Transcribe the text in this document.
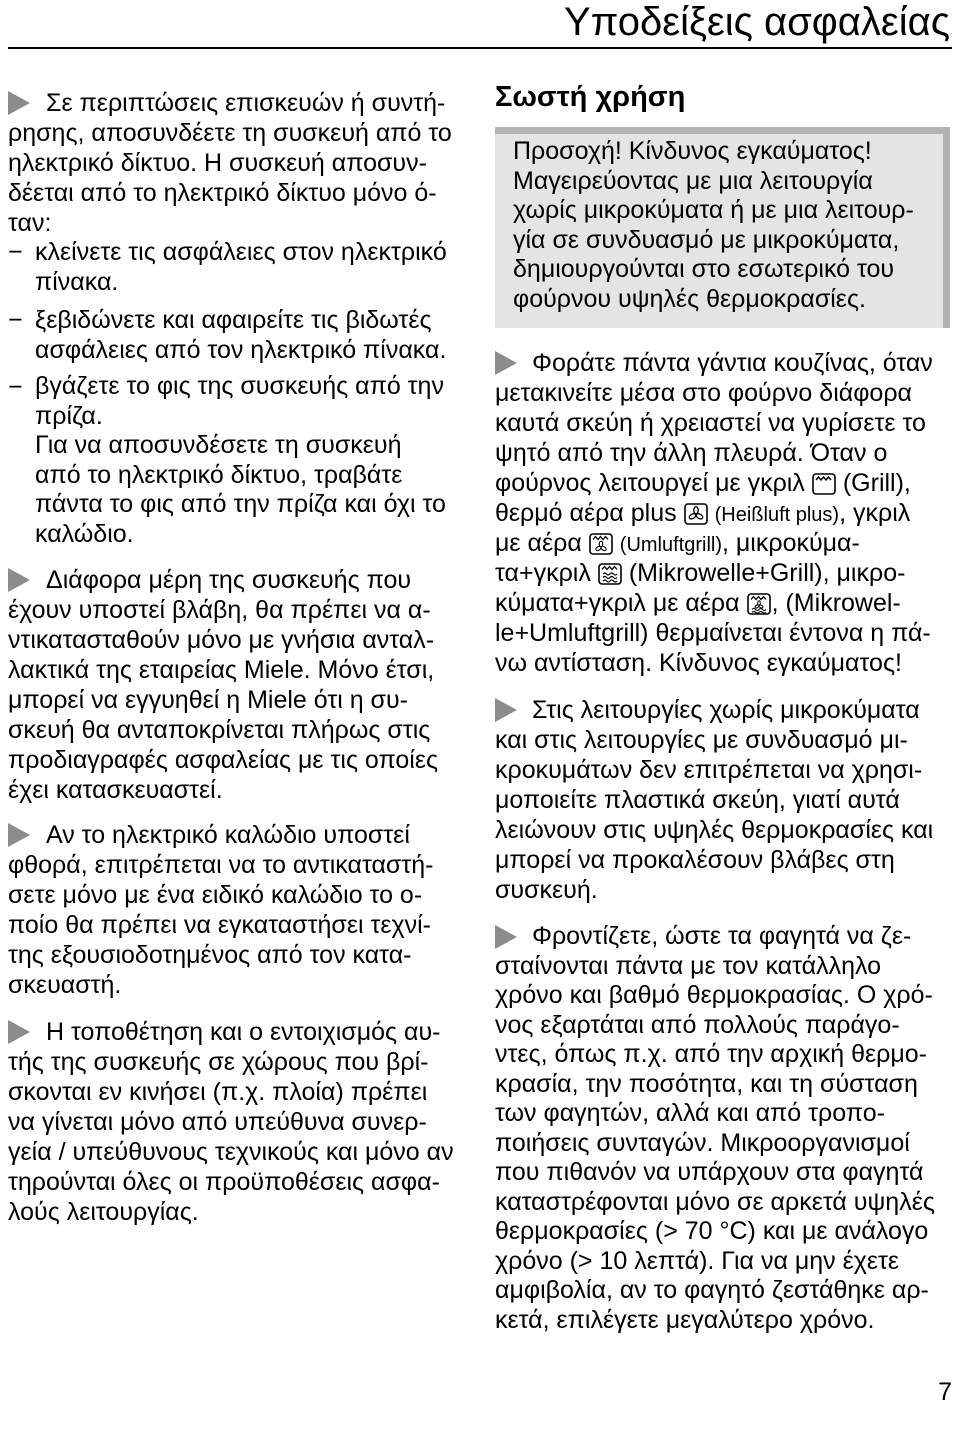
Υποδείξεις ασφαλείας
Σε περιπτώσεις επισκευών ή συντή-
ρησης, αποσυνδέετε τη συσκευή από το
ηλεκτρικό δίκτυο. Η συσκευή αποσυν-
δέεται από το ηλεκτρικό δίκτυο μόνο ό-
ταν:
− κλείνετε τις ασφάλειες στον ηλεκτρικό
πίνακα.
− ξεβιδώνετε και αφαιρείτε τις βιδωτές
ασφάλειες από τον ηλεκτρικό πίνακα.
− βγάζετε το φις της συσκευής από την
πρίζα.
Για να αποσυνδέσετε τη συσκευή
από το ηλεκτρικό δίκτυο, τραβάτε
πάντα το φις από την πρίζα και όχι το
καλώδιο.
Διάφορα μέρη της συσκευής που
έχουν υποστεί βλάβη, θα πρέπει να α-
ντικατασταθούν μόνο με γνήσια ανταλ-
λακτικά της εταιρείας Miele. Μόνο έτσι,
μπορεί να εγγυηθεί η Miele ότι η συ-
σκευή θα ανταποκρίνεται πλήρως στις
προδιαγραφές ασφαλείας με τις οποίες
έχει κατασκευαστεί.
Αν το ηλεκτρικό καλώδιο υποστεί
φθορά, επιτρέπεται να το αντικαταστή-
σετε μόνο με ένα ειδικό καλώδιο το ο-
ποίο θα πρέπει να εγκαταστήσει τεχνί-
της εξουσιοδοτημένος από τον κατα-
σκευαστή.
Η τοποθέτηση και ο εντοιχισμός αυ-
τής της συσκευής σε χώρους που βρί-
σκονται εν κινήσει (π.χ. πλοία) πρέπει
να γίνεται μόνο από υπεύθυνα συνερ-
γεία / υπεύθυνους τεχνικούς και μόνο αν
τηρούνται όλες οι προϋποθέσεις ασφα-
λούς λειτουργίας.
Σωστή χρήση
Προσοχή! Κίνδυνος εγκαύματος!
Μαγειρεύοντας με μια λειτουργία
χωρίς μικροκύματα ή με μια λειτουρ-
γία σε συνδυασμό με μικροκύματα,
δημιουργούνται στο εσωτερικό του
φούρνου υψηλές θερμοκρασίες.
Φοράτε πάντα γάντια κουζίνας, όταν
μετακινείτε μέσα στο φούρνο διάφορα
καυτά σκεύη ή χρειαστεί να γυρίσετε το
ψητό από την άλλη πλευρά. Όταν ο
φούρνος λειτουργεί με γκριλ (Grill),
θερμό αέρα plus (Heißluft plus), γκριλ
με αέρα (Umluftgrill), μικροκύμα-
τα+γκριλ (Mikrowelle+Grill), μικρο-
κύματα+γκριλ με αέρα , (Mikrowel-
le+Umluftgrill) θερμαίνεται έντονα η πά-
νω αντίσταση. Κίνδυνος εγκαύματος!
Στις λειτουργίες χωρίς μικροκύματα
και στις λειτουργίες με συνδυασμό μι-
κροκυμάτων δεν επιτρέπεται να χρησι-
μοποιείτε πλαστικά σκεύη, γιατί αυτά
λειώνουν στις υψηλές θερμοκρασίες και
μπορεί να προκαλέσουν βλάβες στη
συσκευή.
Φροντίζετε, ώστε τα φαγητά να ζε-
σταίνονται πάντα με τον κατάλληλο
χρόνο και βαθμό θερμοκρασίας. Ο χρό-
νος εξαρτάται από πολλούς παράγο-
ντες, όπως π.χ. από την αρχική θερμο-
κρασία, την ποσότητα, και τη σύσταση
των φαγητών, αλλά και από τροπο-
ποιήσεις συνταγών. Μικροοργανισμοί
που πιθανόν να υπάρχουν στα φαγητά
καταστρέφονται μόνο σε αρκετά υψηλές
θερμοκρασίες (> 70 °C) και με ανάλογο
χρόνο (> 10 λεπτά). Για να μην έχετε
αμφιβολία, αν το φαγητό ζεστάθηκε αρ-
κετά, επιλέγετε μεγαλύτερο χρόνο.
7
